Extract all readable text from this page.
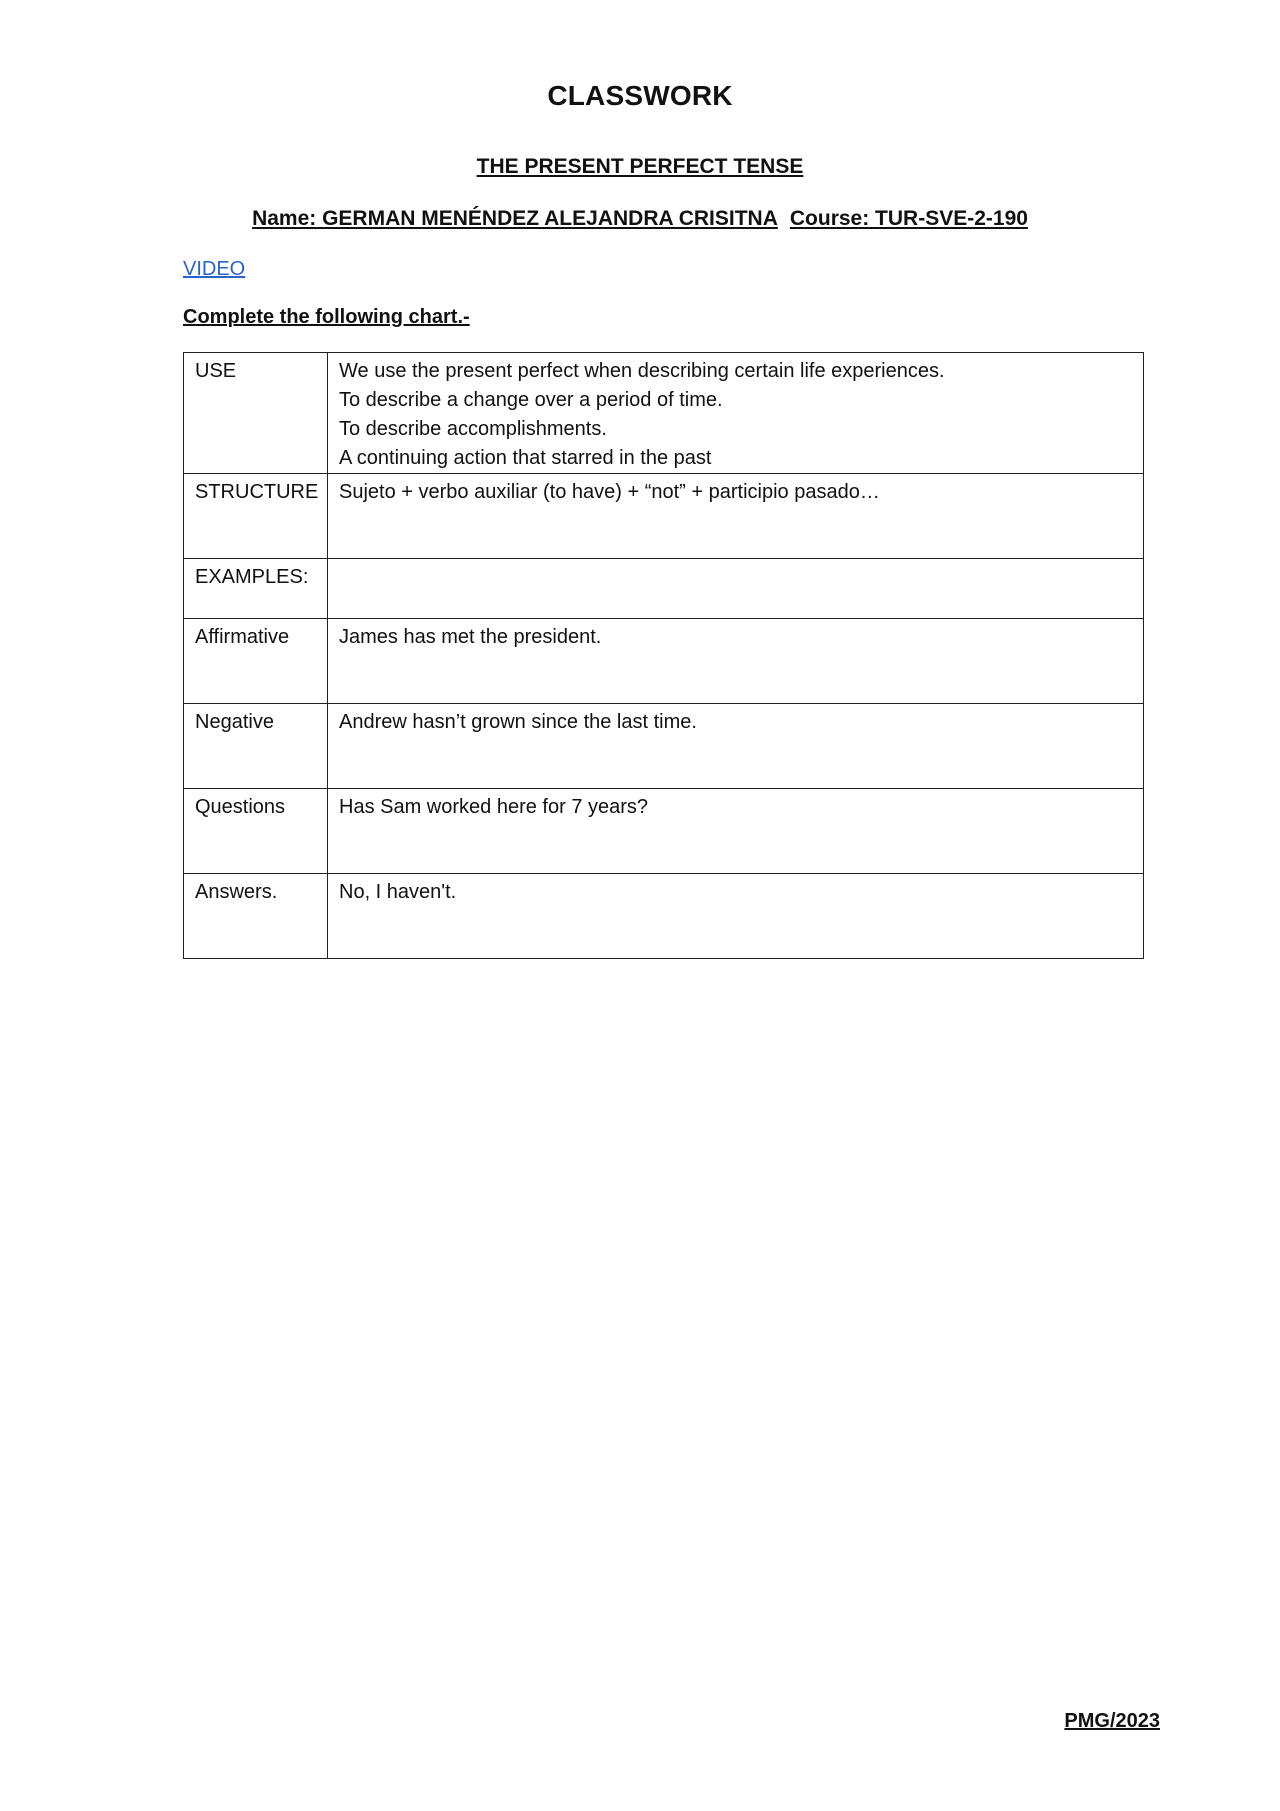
CLASSWORK
THE PRESENT PERFECT TENSE
Name: GERMAN MENÉNDEZ ALEJANDRA CRISITNA Course: TUR-SVE-2-190
VIDEO
Complete the following chart.-
USE	We use the present perfect when describing certain life experiences.
To describe a change over a period of time.
To describe accomplishments.
A continuing action that starred in the past

STRUCTURE	Sujeto + verbo auxiliar (to have) + “not” + participio pasado…
EXAMPLES:	
Affirmative	James has met the president.
Negative	Andrew hasn’t grown since the last time.
Questions	Has Sam worked here for 7 years?
Answers.	No, I haven't.
PMG/2023
